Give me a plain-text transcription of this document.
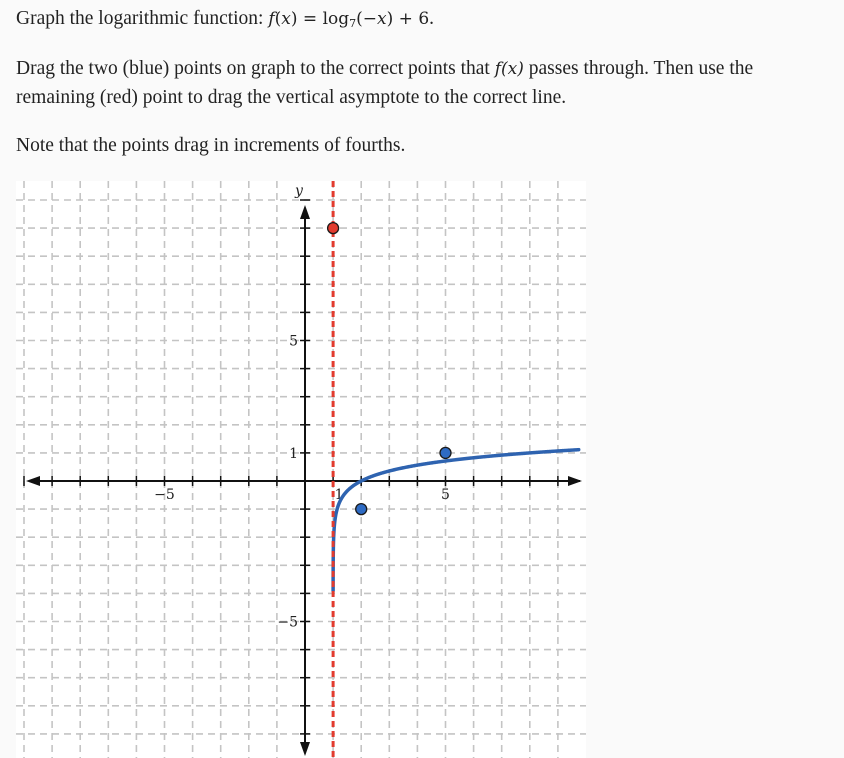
Graph the logarithmic function: $f(x) = \log_7(-x) + 6$.
Drag the two (blue) points on graph to the correct points that f(x) passes through. Then use the
remaining (red) point to drag the vertical asymptote to the correct line.
Note that the points drag in increments of fourths.
−5	1	5
5
1
−5
y
